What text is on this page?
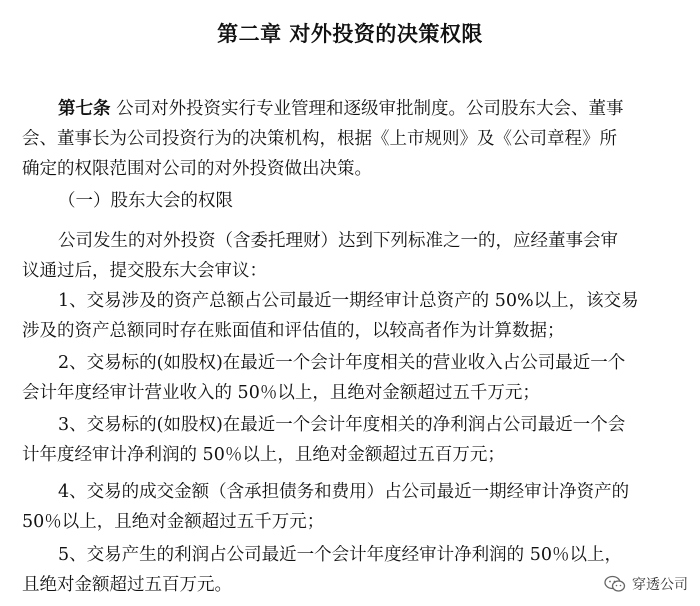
第二章 对外投资的决策权限

第七条 公司对外投资实行专业管理和逐级审批制度。公司股东大会、董事
会、董事长为公司投资行为的决策机构，根据《上市规则》及《公司章程》所
确定的权限范围对公司的对外投资做出决策。

（一）股东大会的权限

公司发生的对外投资（含委托理财）达到下列标准之一的，应经董事会审
议通过后，提交股东大会审议：

1、交易涉及的资产总额占公司最近一期经审计总资产的 50%以上，该交易
涉及的资产总额同时存在账面值和评估值的，以较高者作为计算数据；

2、交易标的(如股权)在最近一个会计年度相关的营业收入占公司最近一个
会计年度经审计营业收入的 50％以上，且绝对金额超过五千万元；

3、交易标的(如股权)在最近一个会计年度相关的净利润占公司最近一个会
计年度经审计净利润的 50％以上，且绝对金额超过五百万元；

4、交易的成交金额（含承担债务和费用）占公司最近一期经审计净资产的
50％以上，且绝对金额超过五千万元；

5、交易产生的利润占公司最近一个会计年度经审计净利润的 50％以上，
且绝对金额超过五百万元。	穿透公司
